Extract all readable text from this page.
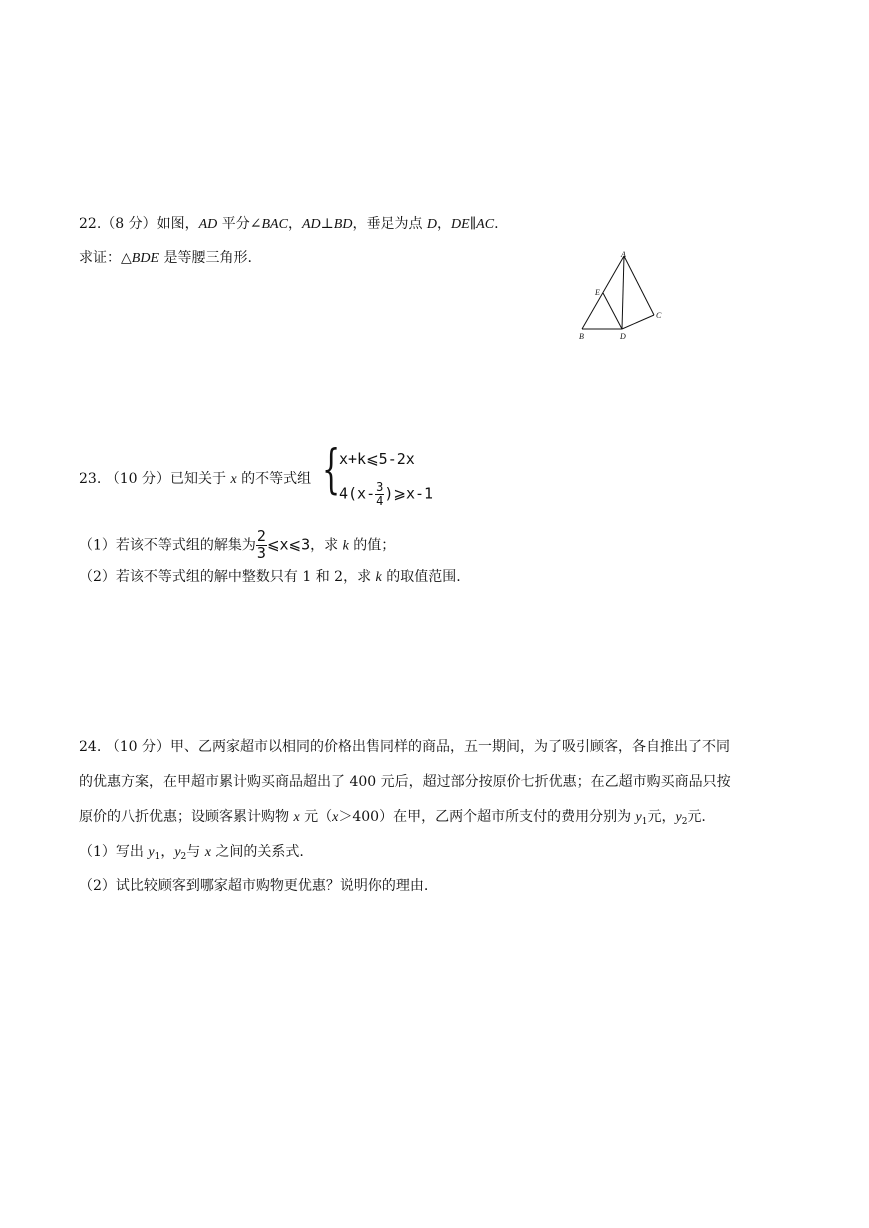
22.（8 分）如图，AD 平分∠BAC，AD⊥BD，垂足为点 D，DE∥AC.
求证：△BDE 是等腰三角形.	A
B
C
D
E
23. （10 分）已知关于 x 的不等式组 {
x+k⩽5-2x
$4(x- \frac{3}{4}$ )⩾x-1
（1）若该不等式组的解集为 $\frac{2}{3}$ ⩽x⩽3，求 k 的值；
（2）若该不等式组的解中整数只有 1 和 2，求 k 的取值范围.
24. （10 分）甲、乙两家超市以相同的价格出售同样的商品，五一期间，为了吸引顾客，各自推出了不同
的优惠方案，在甲超市累计购买商品超出了 400 元后，超过部分按原价七折优惠；在乙超市购买商品只按
原价的八折优惠；设顾客累计购物 x 元（x＞400）在甲，乙两个超市所支付的费用分别为 $y_1$元，$y_2$元.
（1）写出 $y_1$，$y_2$与 x 之间的关系式.
（2）试比较顾客到哪家超市购物更优惠？说明你的理由.
